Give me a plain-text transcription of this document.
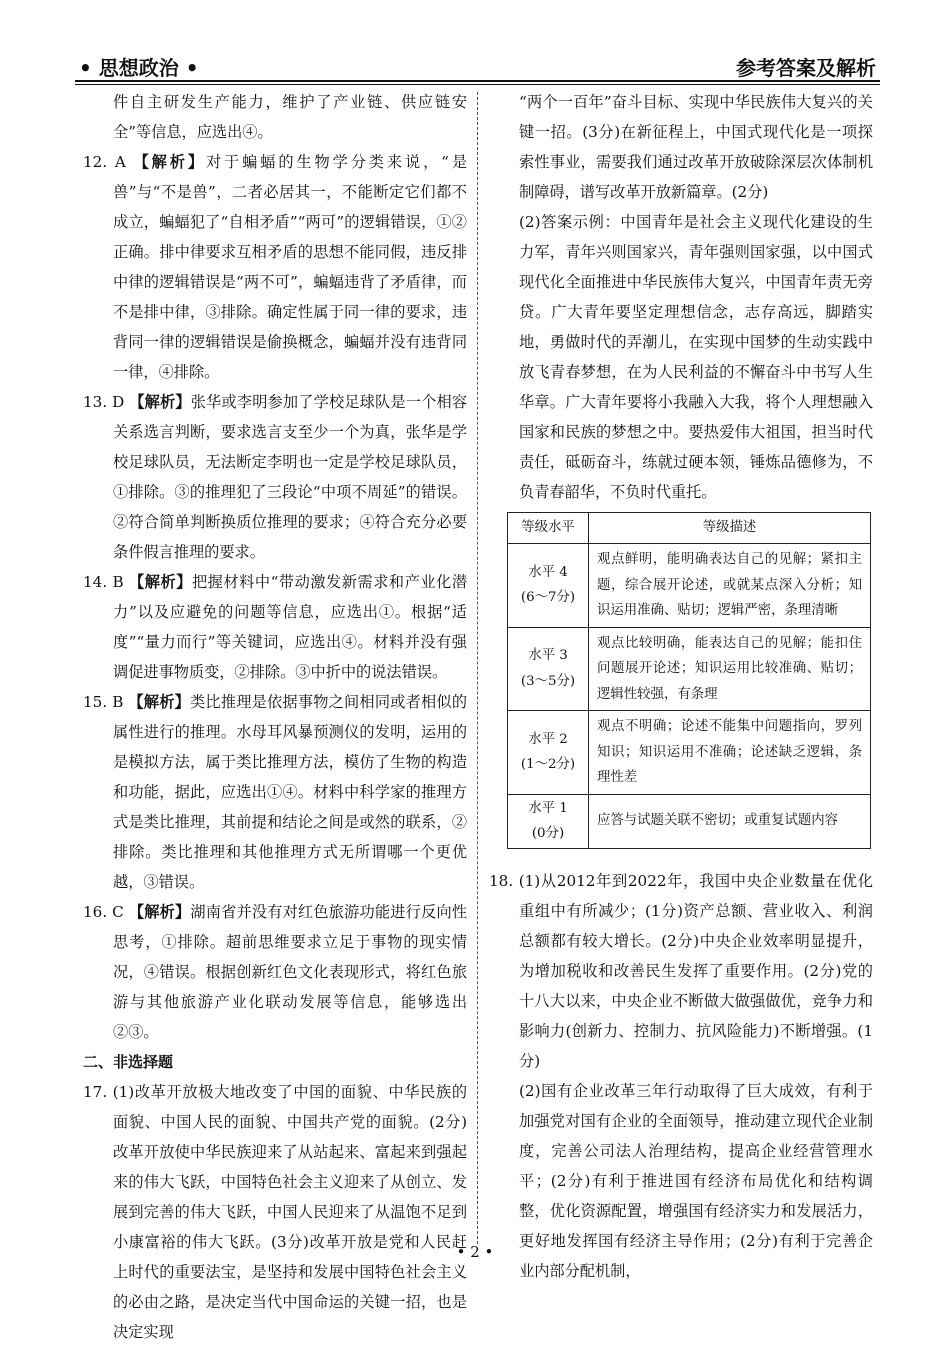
• 思想政治 •	参考答案及解析

件自主研发生产能力，维护了产业链、供应链安全”等信息，应选出④。

12. A 【解析】对于蝙蝠的生物学分类来说，“是兽”与“不是兽”，二者必居其一，不能断定它们都不成立，蝙蝠犯了“自相矛盾”“两可”的逻辑错误，①②正确。排中律要求互相矛盾的思想不能同假，违反排中律的逻辑错误是“两不可”，蝙蝠违背了矛盾律，而不是排中律，③排除。确定性属于同一律的要求，违背同一律的逻辑错误是偷换概念，蝙蝠并没有违背同一律，④排除。

13. D 【解析】张华或李明参加了学校足球队是一个相容关系选言判断，要求选言支至少一个为真，张华是学校足球队员，无法断定李明也一定是学校足球队员，①排除。③的推理犯了三段论“中项不周延”的错误。②符合简单判断换质位推理的要求；④符合充分必要条件假言推理的要求。

14. B 【解析】把握材料中“带动激发新需求和产业化潜力”以及应避免的问题等信息，应选出①。根据“适度”“量力而行”等关键词，应选出④。材料并没有强调促进事物质变，②排除。③中折中的说法错误。

15. B 【解析】类比推理是依据事物之间相同或者相似的属性进行的推理。水母耳风暴预测仪的发明，运用的是模拟方法，属于类比推理方法，模仿了生物的构造和功能，据此，应选出①④。材料中科学家的推理方式是类比推理，其前提和结论之间是或然的联系，②排除。类比推理和其他推理方式无所谓哪一个更优越，③错误。

16. C 【解析】湖南省并没有对红色旅游功能进行反向性思考，①排除。超前思维要求立足于事物的现实情况，④错误。根据创新红色文化表现形式，将红色旅游与其他旅游产业化联动发展等信息，能够选出②③。

二、非选择题

17. (1)改革开放极大地改变了中国的面貌、中华民族的面貌、中国人民的面貌、中国共产党的面貌。(2分)改革开放使中华民族迎来了从站起来、富起来到强起来的伟大飞跃，中国特色社会主义迎来了从创立、发展到完善的伟大飞跃，中国人民迎来了从温饱不足到小康富裕的伟大飞跃。(3分)改革开放是党和人民赶上时代的重要法宝，是坚持和发展中国特色社会主义的必由之路，是决定当代中国命运的关键一招，也是决定实现

“两个一百年”奋斗目标、实现中华民族伟大复兴的关键一招。(3分)在新征程上，中国式现代化是一项探索性事业，需要我们通过改革开放破除深层次体制机制障碍，谱写改革开放新篇章。(2分)

(2)答案示例：中国青年是社会主义现代化建设的生力军，青年兴则国家兴，青年强则国家强，以中国式现代化全面推进中华民族伟大复兴，中国青年责无旁贷。广大青年要坚定理想信念，志存高远，脚踏实地，勇做时代的弄潮儿，在实现中国梦的生动实践中放飞青春梦想，在为人民利益的不懈奋斗中书写人生华章。广大青年要将小我融入大我，将个人理想融入国家和民族的梦想之中。要热爱伟大祖国，担当时代责任，砥砺奋斗，练就过硬本领，锤炼品德修为，不负青春韶华，不负时代重托。

等级水平	等级描述

水平 4
(6～7分)	观点鲜明，能明确表达自己的见解；紧扣主题，综合展开论述，或就某点深入分析；知识运用准确、贴切；逻辑严密，条理清晰

水平 3
(3～5分)	观点比较明确，能表达自己的见解；能扣住问题展开论述；知识运用比较准确、贴切；逻辑性较强，有条理

水平 2
(1～2分)	观点不明确；论述不能集中问题指向，罗列知识；知识运用不准确；论述缺乏逻辑，条理性差

水平 1
(0分)	应答与试题关联不密切；或重复试题内容

18. (1)从2012年到2022年，我国中央企业数量在优化重组中有所减少；(1分)资产总额、营业收入、利润总额都有较大增长。(2分)中央企业效率明显提升，为增加税收和改善民生发挥了重要作用。(2分)党的十八大以来，中央企业不断做大做强做优，竞争力和影响力(创新力、控制力、抗风险能力)不断增强。(1分)

(2)国有企业改革三年行动取得了巨大成效，有利于加强党对国有企业的全面领导，推动建立现代企业制度，完善公司法人治理结构，提高企业经营管理水平；(2分)有利于推进国有经济布局优化和结构调整，优化资源配置，增强国有经济实力和发展活力，更好地发挥国有经济主导作用；(2分)有利于完善企业内部分配机制，

• 2 •
